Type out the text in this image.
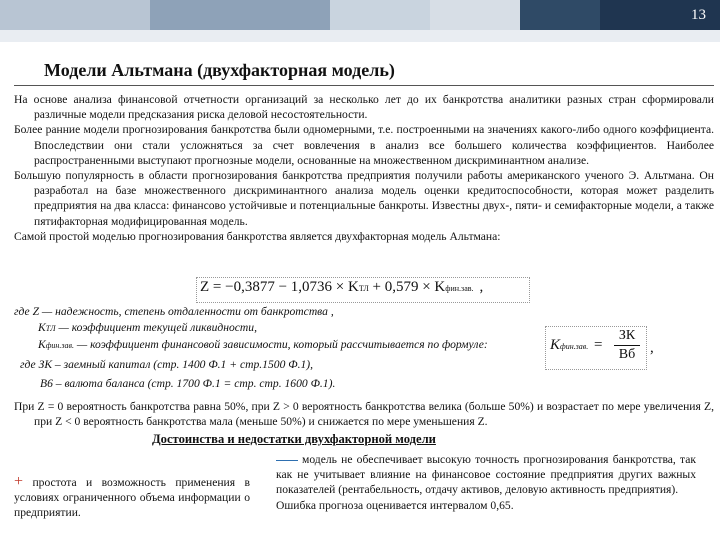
13
Модели Альтмана (двухфакторная модель)

На основе анализа финансовой отчетности организаций за несколько лет до их банкротства аналитики разных стран сформировали различные модели предсказания риска деловой несостоятельности.

Более ранние модели прогнозирования банкротства были одномерными, т.е. построенными на значениях какого-либо одного коэффициента. Впоследствии они стали усложняться за счет вовлечения в анализ все большего количества коэффициентов. Наиболее распространенными выступают прогнозные модели, основанные на множественном дискриминантном анализе.

Большую популярность в области прогнозирования банкротства предприятия получили работы американского ученого Э. Альтмана. Он разработал на базе множественного дискриминантного анализа модель оценки кредитоспособности, которая может разделить предприятия на два класса: финансово устойчивые и потенциальные банкроты. Известны двух-, пяти- и семифакторные модели, а также пятифакторная модифицированная модель.

Самой простой моделью прогнозирования банкротства является двухфакторная модель Альтмана:

Z = −0,3877 − 1,0736 × KТЛ + 0,579 × Kфин.зав. ,
где Z — надежность, степень отдаленности от банкротства ,
КТЛ — коэффициент текущей ликвидности,
Кфин.зав. — коэффициент финансовой зависимости, который рассчитывается по формуле:	Kфин.зав. =
ЗК
Вб ,
где ЗК – заемный капитал (стр. 1400 Ф.1 + стр.1500 Ф.1),
В6 – валюта баланса (стр. 1700 Ф.1 = стр. стр. 1600 Ф.1).
При Z = 0 вероятность банкротства равна 50%, при Z > 0 вероятность банкротства велика (больше 50%) и возрастает по мере увеличения Z, при Z < 0 вероятность банкротства мала (меньше 50%) и снижается по мере уменьшения Z.
Достоинства и недостатки двухфакторной модели
+ простота и возможность применения в условиях ограниченного объема информации о предприятии.
модель не обеспечивает высокую точность прогнозирования банкротства, так как не учитывает влияние на финансовое состояние предприятия других важных показателей (рентабельность, отдачу активов, деловую активность предприятия).
Ошибка прогноза оценивается интервалом 0,65.
